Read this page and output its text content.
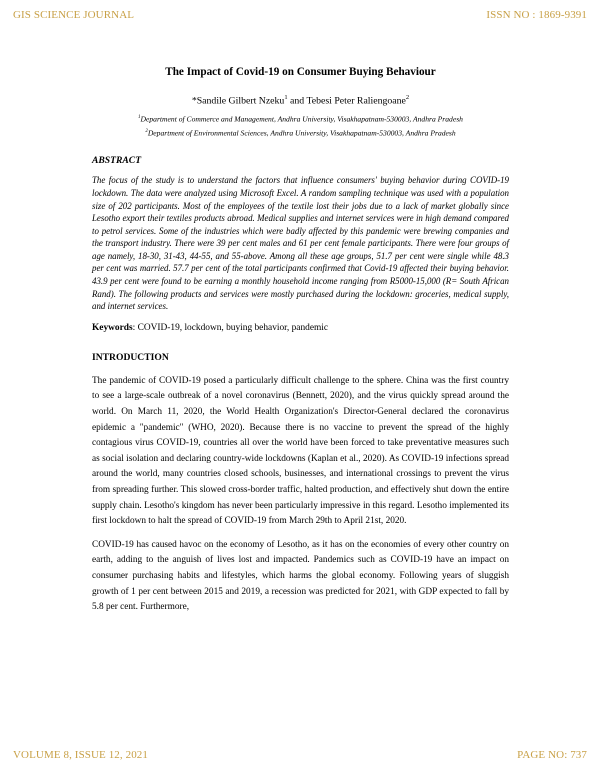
GIS SCIENCE JOURNAL	ISSN NO : 1869-9391
The Impact of Covid-19 on Consumer Buying Behaviour
*Sandile Gilbert Nzeku$^1$ and Tebesi Peter Raliengoane$^2$
$^1$Department of Commerce and Management, Andhra University, Visakhapatnam-530003, Andhra Pradesh
$^2$Department of Environmental Sciences, Andhra University, Visakhapatnam-530003, Andhra Pradesh
ABSTRACT

The focus of the study is to understand the factors that influence consumers' buying behavior during COVID-19 lockdown. The data were analyzed using Microsoft Excel. A random sampling technique was used with a population size of 202 participants. Most of the employees of the textile lost their jobs due to a lack of market globally since Lesotho export their textiles products abroad. Medical supplies and internet services were in high demand compared to petrol services. Some of the industries which were badly affected by this pandemic were brewing companies and the transport industry. There were 39 per cent males and 61 per cent female participants. There were four groups of age namely, 18-30, 31-43, 44-55, and 55-above. Among all these age groups, 51.7 per cent were single while 48.3 per cent was married. 57.7 per cent of the total participants confirmed that Covid-19 affected their buying behavior. 43.9 per cent were found to be earning a monthly household income ranging from R5000-15,000 (R= South African Rand). The following products and services were mostly purchased during the lockdown: groceries, medical supply, and internet services.

Keywords: COVID-19, lockdown, buying behavior, pandemic

INTRODUCTION

The pandemic of COVID-19 posed a particularly difficult challenge to the sphere. China was the first country to see a large-scale outbreak of a novel coronavirus (Bennett, 2020), and the virus quickly spread around the world. On March 11, 2020, the World Health Organization's Director-General declared the coronavirus epidemic a "pandemic" (WHO, 2020). Because there is no vaccine to prevent the spread of the highly contagious virus COVID-19, countries all over the world have been forced to take preventative measures such as social isolation and declaring country-wide lockdowns (Kaplan et al., 2020). As COVID-19 infections spread around the world, many countries closed schools, businesses, and international crossings to prevent the virus from spreading further. This slowed cross-border traffic, halted production, and effectively shut down the entire supply chain. Lesotho's kingdom has never been particularly impressive in this regard. Lesotho implemented its first lockdown to halt the spread of COVID-19 from March 29th to April 21st, 2020.

COVID-19 has caused havoc on the economy of Lesotho, as it has on the economies of every other country on earth, adding to the anguish of lives lost and impacted. Pandemics such as COVID-19 have an impact on consumer purchasing habits and lifestyles, which harms the global economy. Following years of sluggish growth of 1 per cent between 2015 and 2019, a recession was predicted for 2021, with GDP expected to fall by 5.8 per cent. Furthermore,

VOLUME 8, ISSUE 12, 2021	PAGE NO: 737
